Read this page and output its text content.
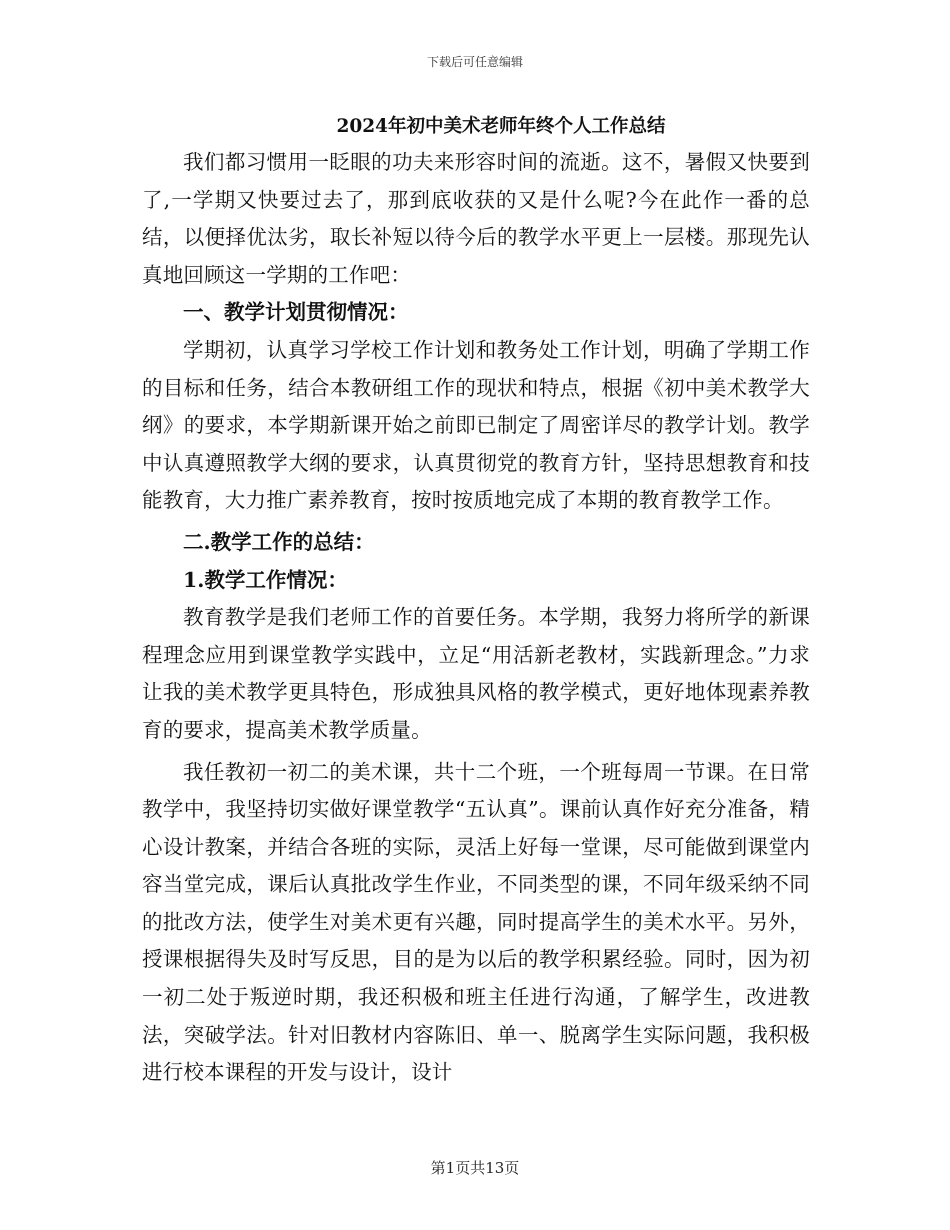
下载后可任意编辑
2024年初中美术老师年终个人工作总结

我们都习惯用一眨眼的功夫来形容时间的流逝。这不，暑假又快要到了,一学期又快要过去了，那到底收获的又是什么呢?今在此作一番的总结，以便择优汰劣，取长补短以待今后的教学水平更上一层楼。那现先认真地回顾这一学期的工作吧：

一、教学计划贯彻情况：

学期初，认真学习学校工作计划和教务处工作计划，明确了学期工作的目标和任务，结合本教研组工作的现状和特点，根据《初中美术教学大纲》的要求，本学期新课开始之前即已制定了周密详尽的教学计划。教学中认真遵照教学大纲的要求，认真贯彻党的教育方针，坚持思想教育和技能教育，大力推广素养教育，按时按质地完成了本期的教育教学工作。

二.教学工作的总结：

1.教学工作情况：

教育教学是我们老师工作的首要任务。本学期，我努力将所学的新课程理念应用到课堂教学实践中，立足“用活新老教材，实践新理念。”力求让我的美术教学更具特色，形成独具风格的教学模式，更好地体现素养教育的要求，提高美术教学质量。

我任教初一初二的美术课，共十二个班，一个班每周一节课。在日常教学中，我坚持切实做好课堂教学“五认真”。课前认真作好充分准备，精心设计教案，并结合各班的实际，灵活上好每一堂课，尽可能做到课堂内容当堂完成，课后认真批改学生作业，不同类型的课，不同年级采纳不同的批改方法，使学生对美术更有兴趣，同时提高学生的美术水平。另外，授课根据得失及时写反思，目的是为以后的教学积累经验。同时，因为初一初二处于叛逆时期，我还积极和班主任进行沟通，了解学生，改进教法，突破学法。针对旧教材内容陈旧、单一、脱离学生实际问题，我积极进行校本课程的开发与设计，设计

第1页共13页
